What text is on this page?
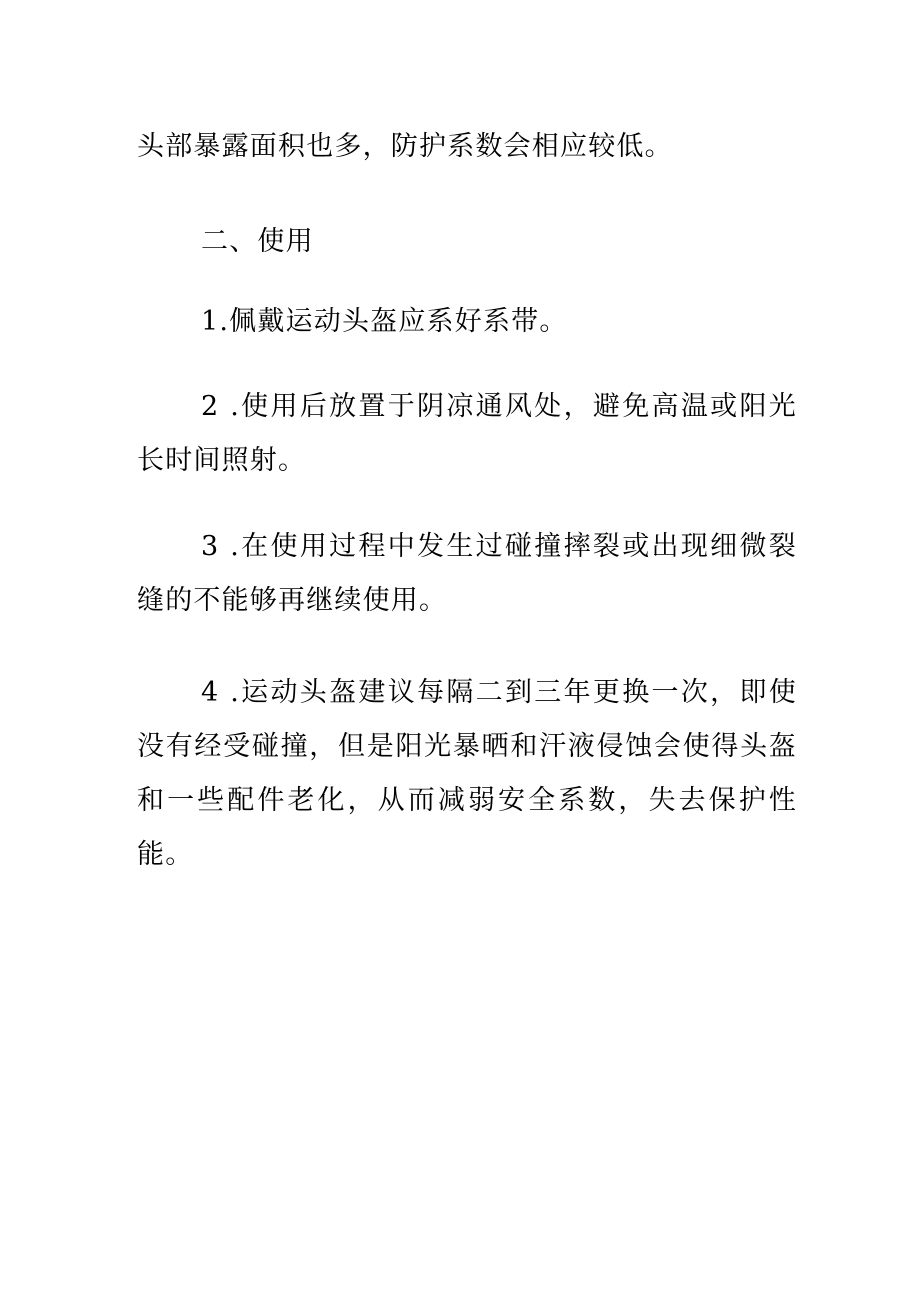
头部暴露面积也多，防护系数会相应较低。

二、使用

1.佩戴运动头盔应系好系带。

2 .使用后放置于阴凉通风处，避免高温或阳光长时间照射。

3 .在使用过程中发生过碰撞摔裂或出现细微裂缝的不能够再继续使用。

4 .运动头盔建议每隔二到三年更换一次，即使没有经受碰撞，但是阳光暴晒和汗液侵蚀会使得头盔和一些配件老化，从而减弱安全系数，失去保护性能。
